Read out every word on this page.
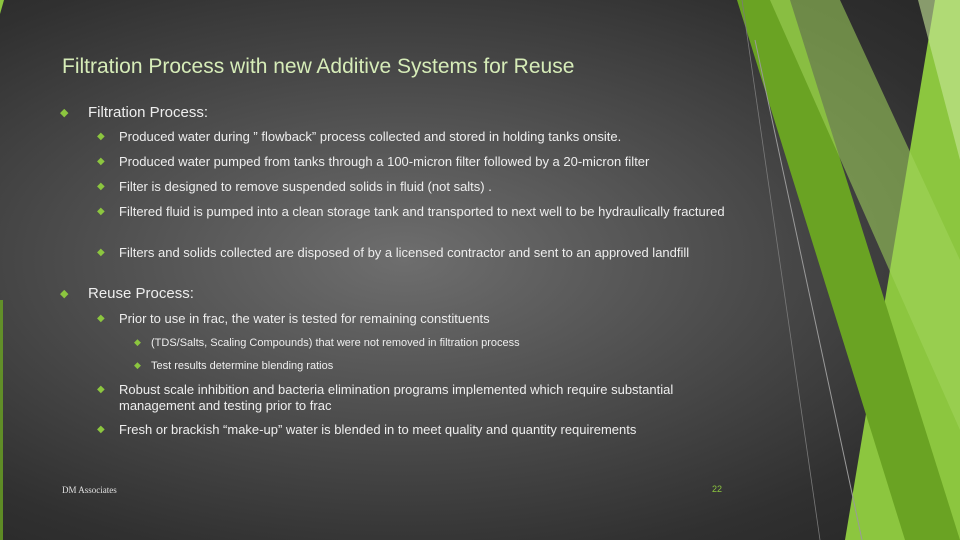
Filtration Process with new Additive Systems for Reuse
◆ Filtration Process:
◆ Produced water during ” flowback” process collected and stored in holding tanks onsite.
◆ Produced water pumped from tanks through a 100-micron filter followed by a 20-micron filter
◆ Filter is designed to remove suspended solids in fluid (not salts) .
◆ Filtered fluid is pumped into a clean storage tank and transported to next well to be hydraulically fractured
◆ Filters and solids collected are disposed of by a licensed contractor and sent to an approved landfill
◆ Reuse Process:
◆ Prior to use in frac, the water is tested for remaining constituents
◆ (TDS/Salts, Scaling Compounds) that were not removed in filtration process
◆ Test results determine blending ratios
◆ Robust scale inhibition and bacteria elimination programs implemented which require substantial management and testing prior to frac
◆ Fresh or brackish “make-up” water is blended in to meet quality and quantity requirements
DM Associates	22
